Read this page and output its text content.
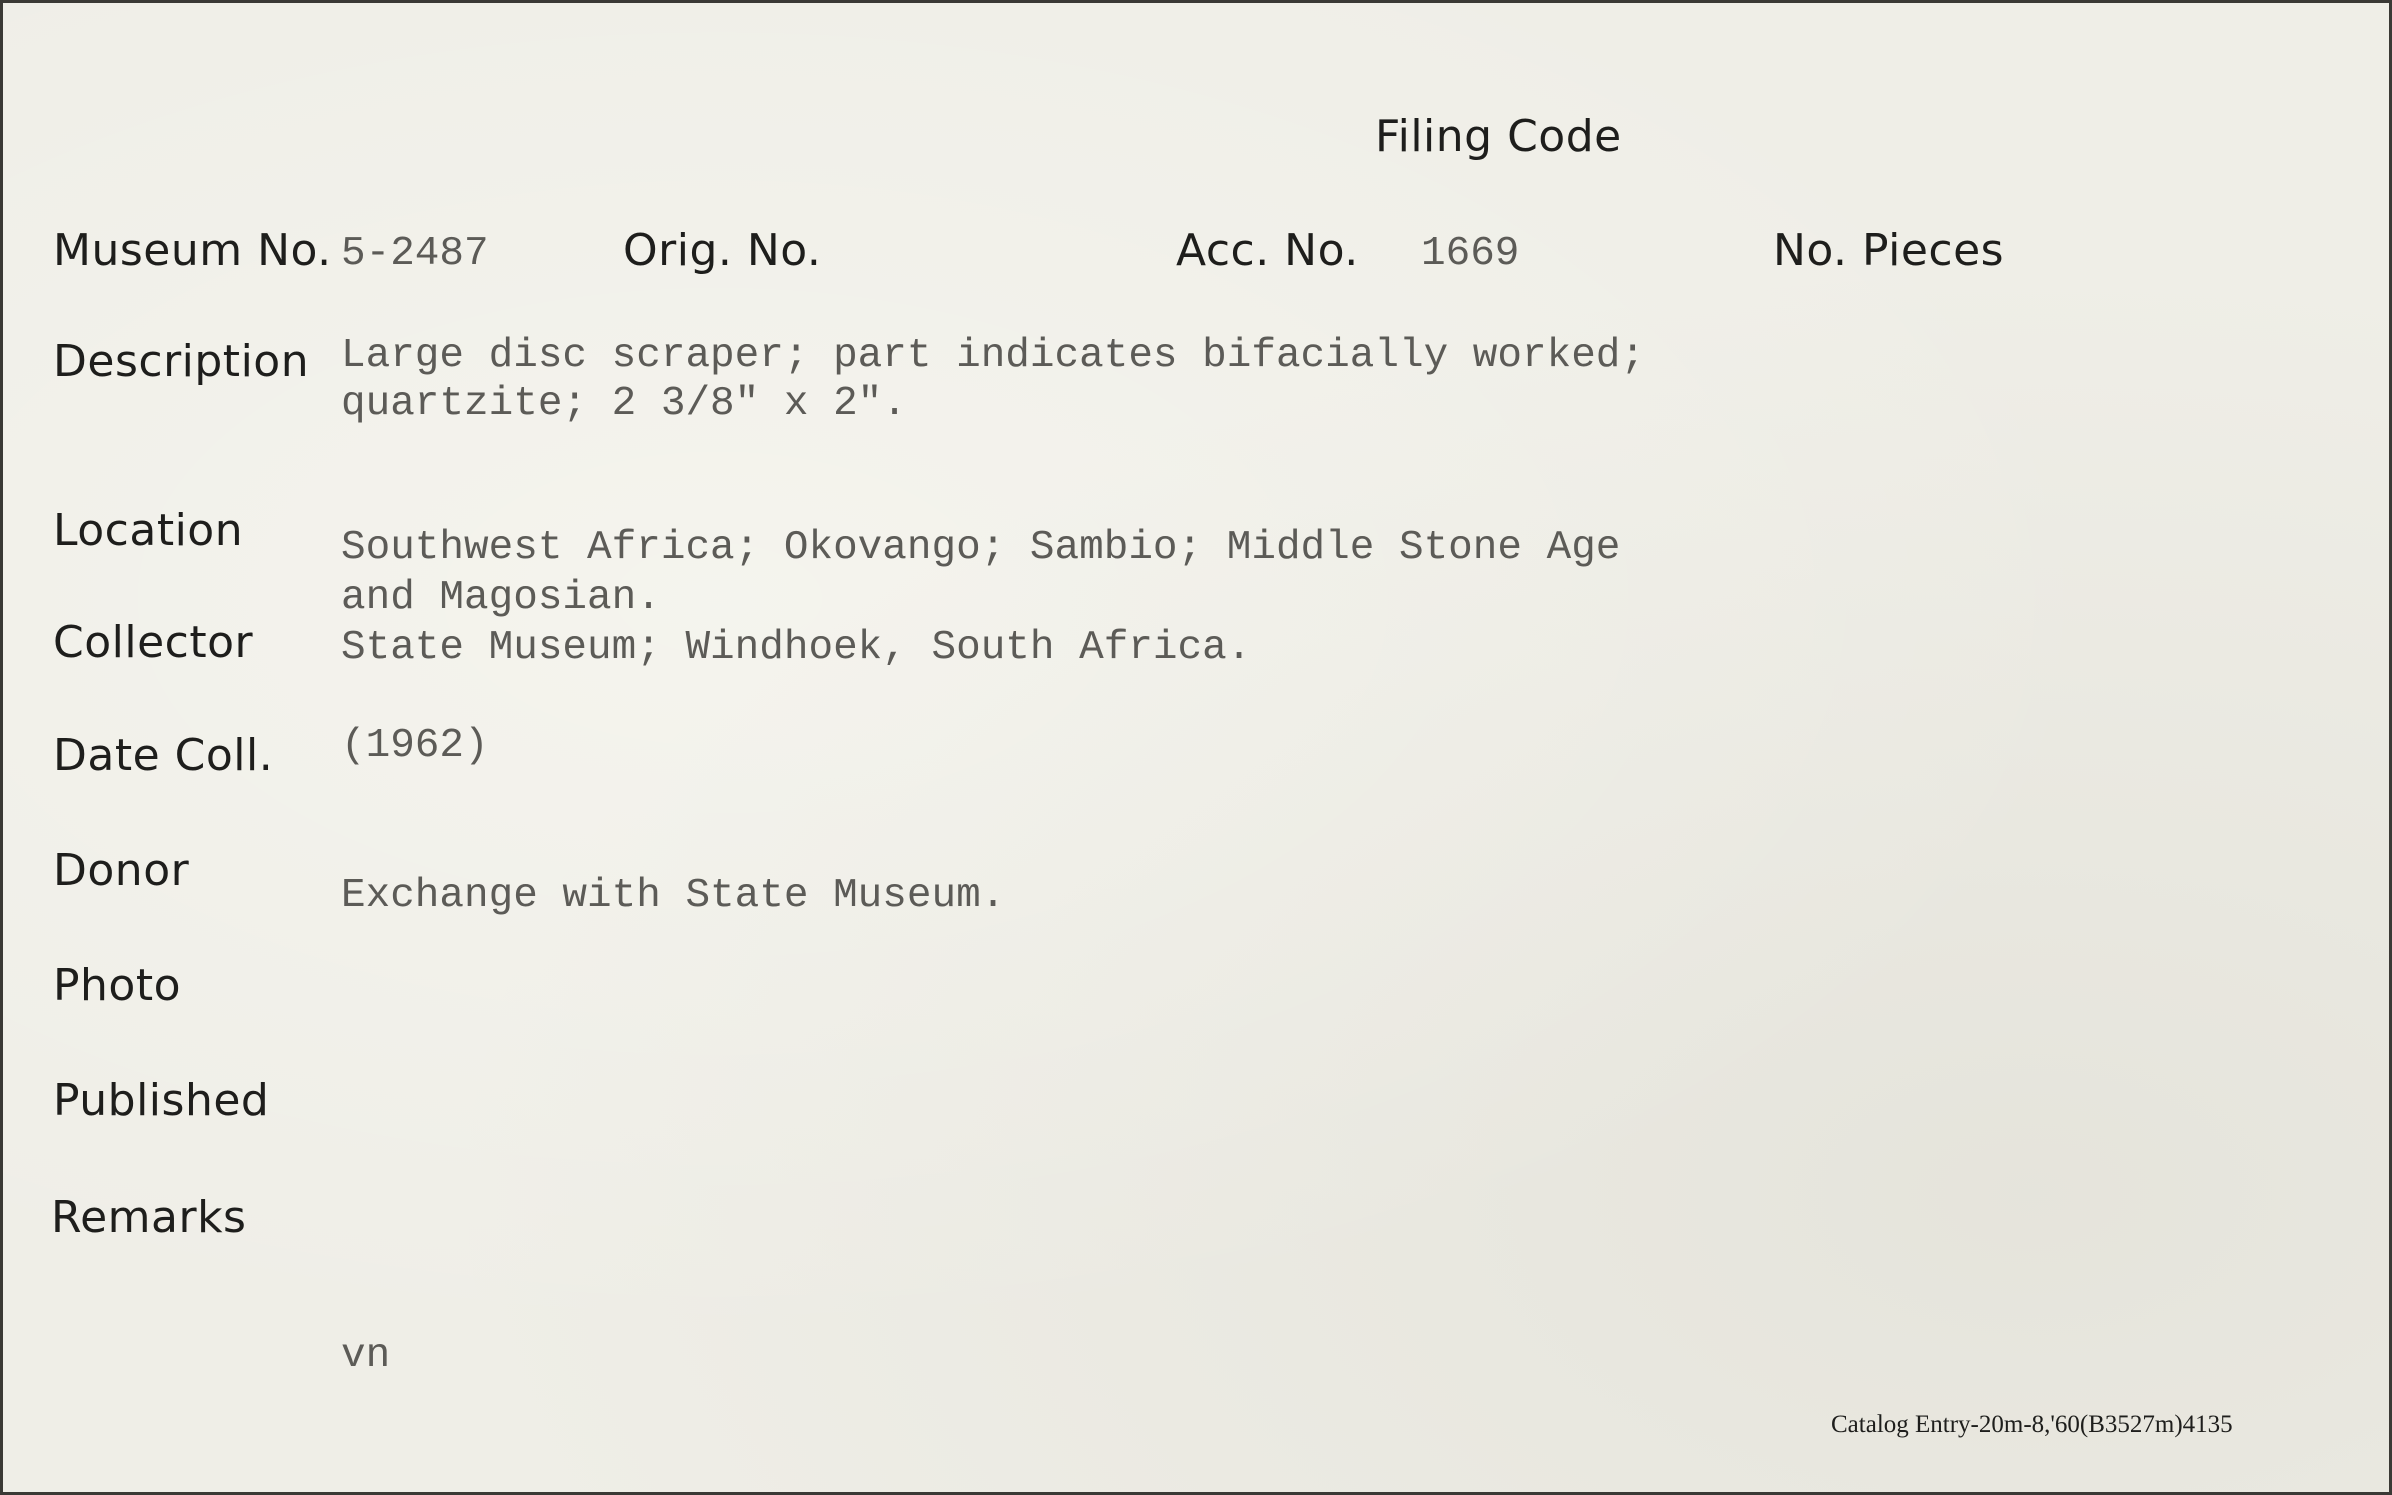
Filing Code
Museum No. 5-2487	Orig. No.	Acc. No. 1669	No. Pieces
Description Large disc scraper; part indicates bifacially worked;
quartzite; 2 3/8" x 2".
Location Southwest Africa; Okovango; Sambio; Middle Stone Age
and Magosian.
Collector State Museum; Windhoek, South Africa.
Date Coll. (1962)
Donor	Exchange with State Museum.
Photo
Published
Remarks
vn
Catalog Entry-20m-8,'60(B3527m)4135
